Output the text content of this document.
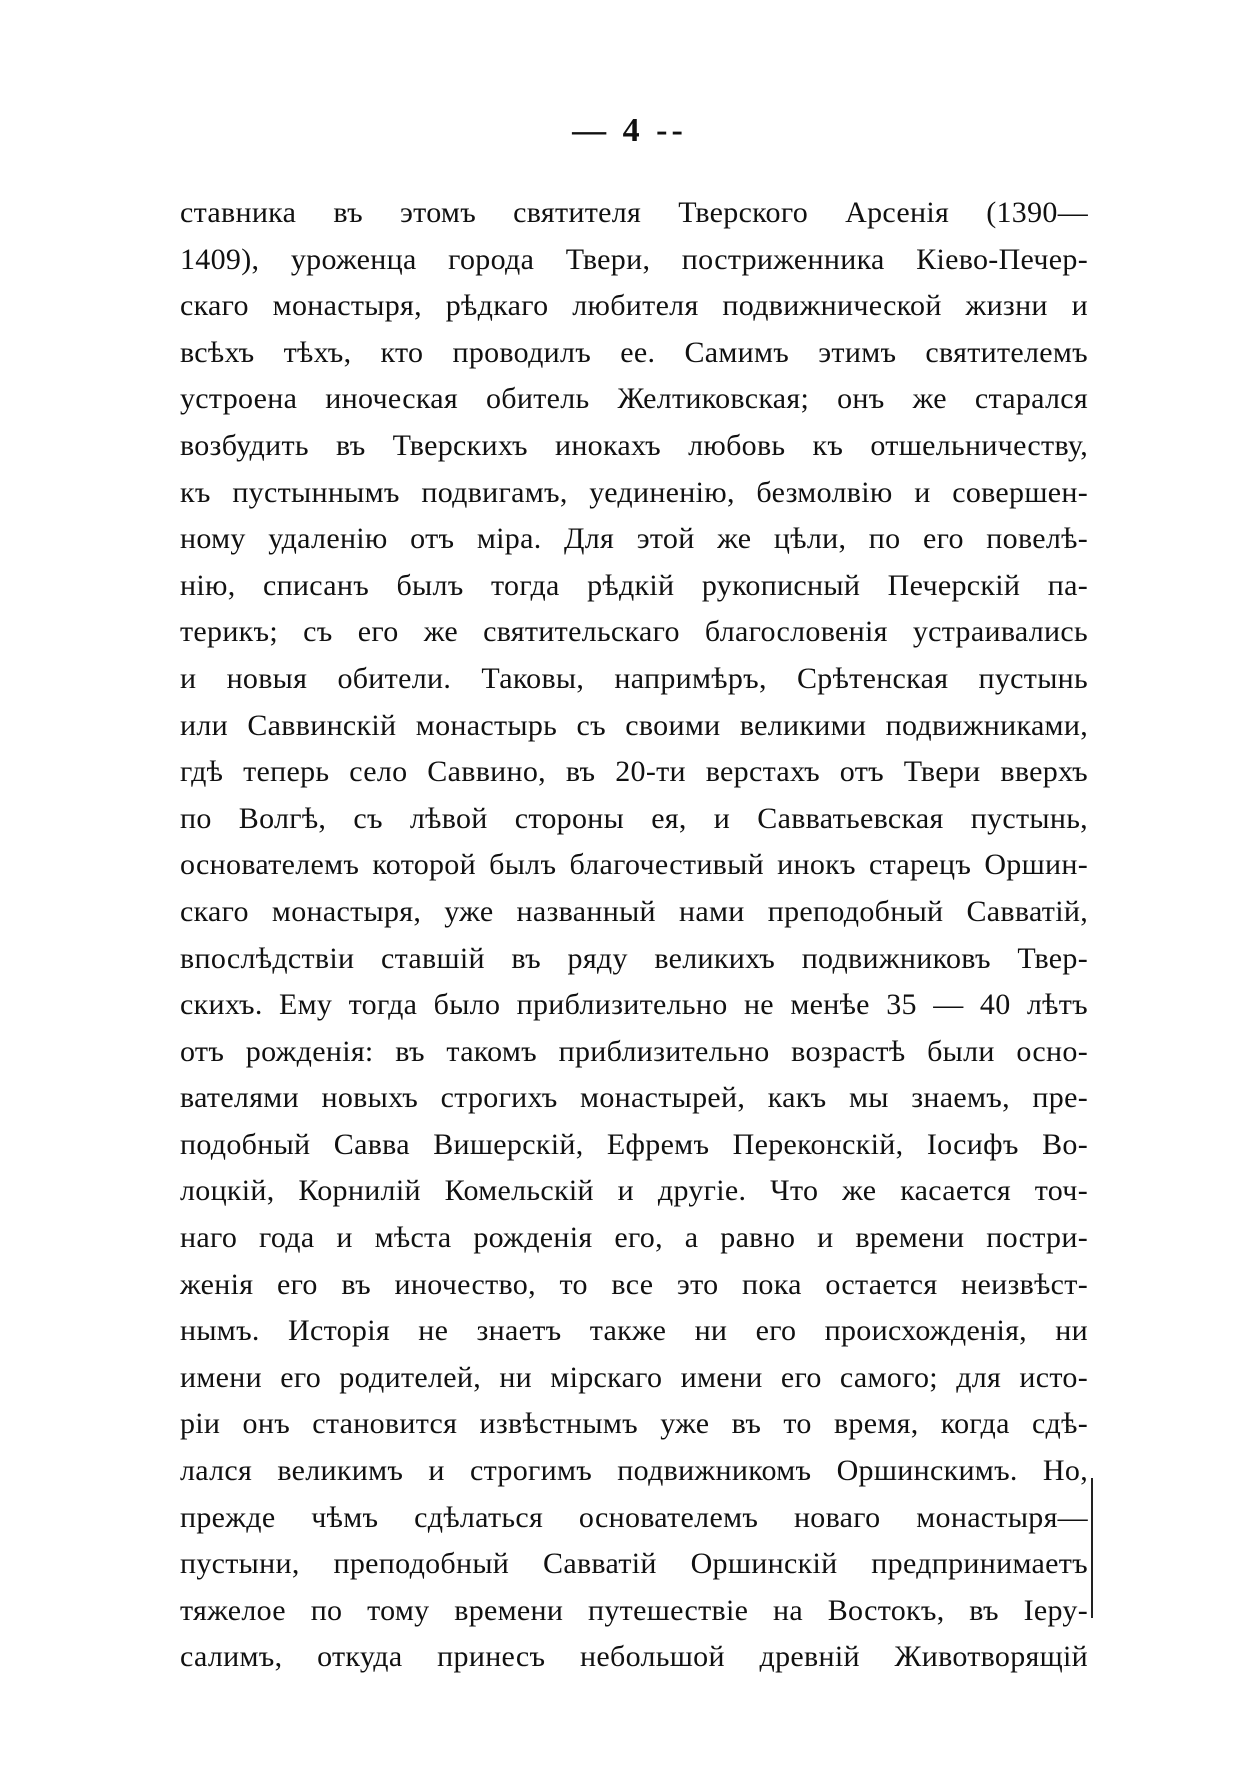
— 4 --
ставника въ этомъ святителя Тверского Арсенія (1390—
1409), уроженца города Твери, постриженника Кіево-Печер-
скаго монастыря, рѣдкаго любителя подвижнической жизни и
всѣхъ тѣхъ, кто проводилъ ее. Самимъ этимъ святителемъ
устроена иноческая обитель Желтиковская; онъ же старался
возбудить въ Тверскихъ инокахъ любовь къ отшельничеству,
къ пустыннымъ подвигамъ, уединенію, безмолвію и совершен-
ному удаленію отъ міра. Для этой же цѣли, по его повелѣ-
нію, списанъ былъ тогда рѣдкій рукописный Печерскій па-
терикъ; съ его же святительскаго благословенія устраивались
и новыя обители. Таковы, напримѣръ, Срѣтенская пустынь
или Саввинскій монастырь съ своими великими подвижниками,
гдѣ теперь село Саввино, въ 20-ти верстахъ отъ Твери вверхъ
по Волгѣ, съ лѣвой стороны ея, и Савватьевская пустынь,
основателемъ которой былъ благочестивый инокъ старецъ Оршин-
скаго монастыря, уже названный нами преподобный Савватій,
впослѣдствіи ставшій въ ряду великихъ подвижниковъ Твер-
скихъ. Ему тогда было приблизительно не менѣе 35 — 40 лѣтъ
отъ рожденія: въ такомъ приблизительно возрастѣ были осно-
вателями новыхъ строгихъ монастырей, какъ мы знаемъ, пре-
подобный Савва Вишерскій, Ефремъ Переконскій, Іосифъ Во-
лоцкій, Корнилій Комельскій и другіе. Что же касается точ-
наго года и мѣста рожденія его, а равно и времени постри-
женія его въ иночество, то все это пока остается неизвѣст-
нымъ. Исторія не знаетъ также ни его происхожденія, ни
имени его родителей, ни мірскаго имени его самого; для исто-
ріи онъ становится извѣстнымъ уже въ то время, когда сдѣ-
лался великимъ и строгимъ подвижникомъ Оршинскимъ. Но,
прежде чѣмъ сдѣлаться основателемъ новаго монастыря—
пустыни, преподобный Савватій Оршинскій предпринимаетъ
тяжелое по тому времени путешествіе на Востокъ, въ Іеру-
салимъ, откуда принесъ небольшой древній Животворящій
